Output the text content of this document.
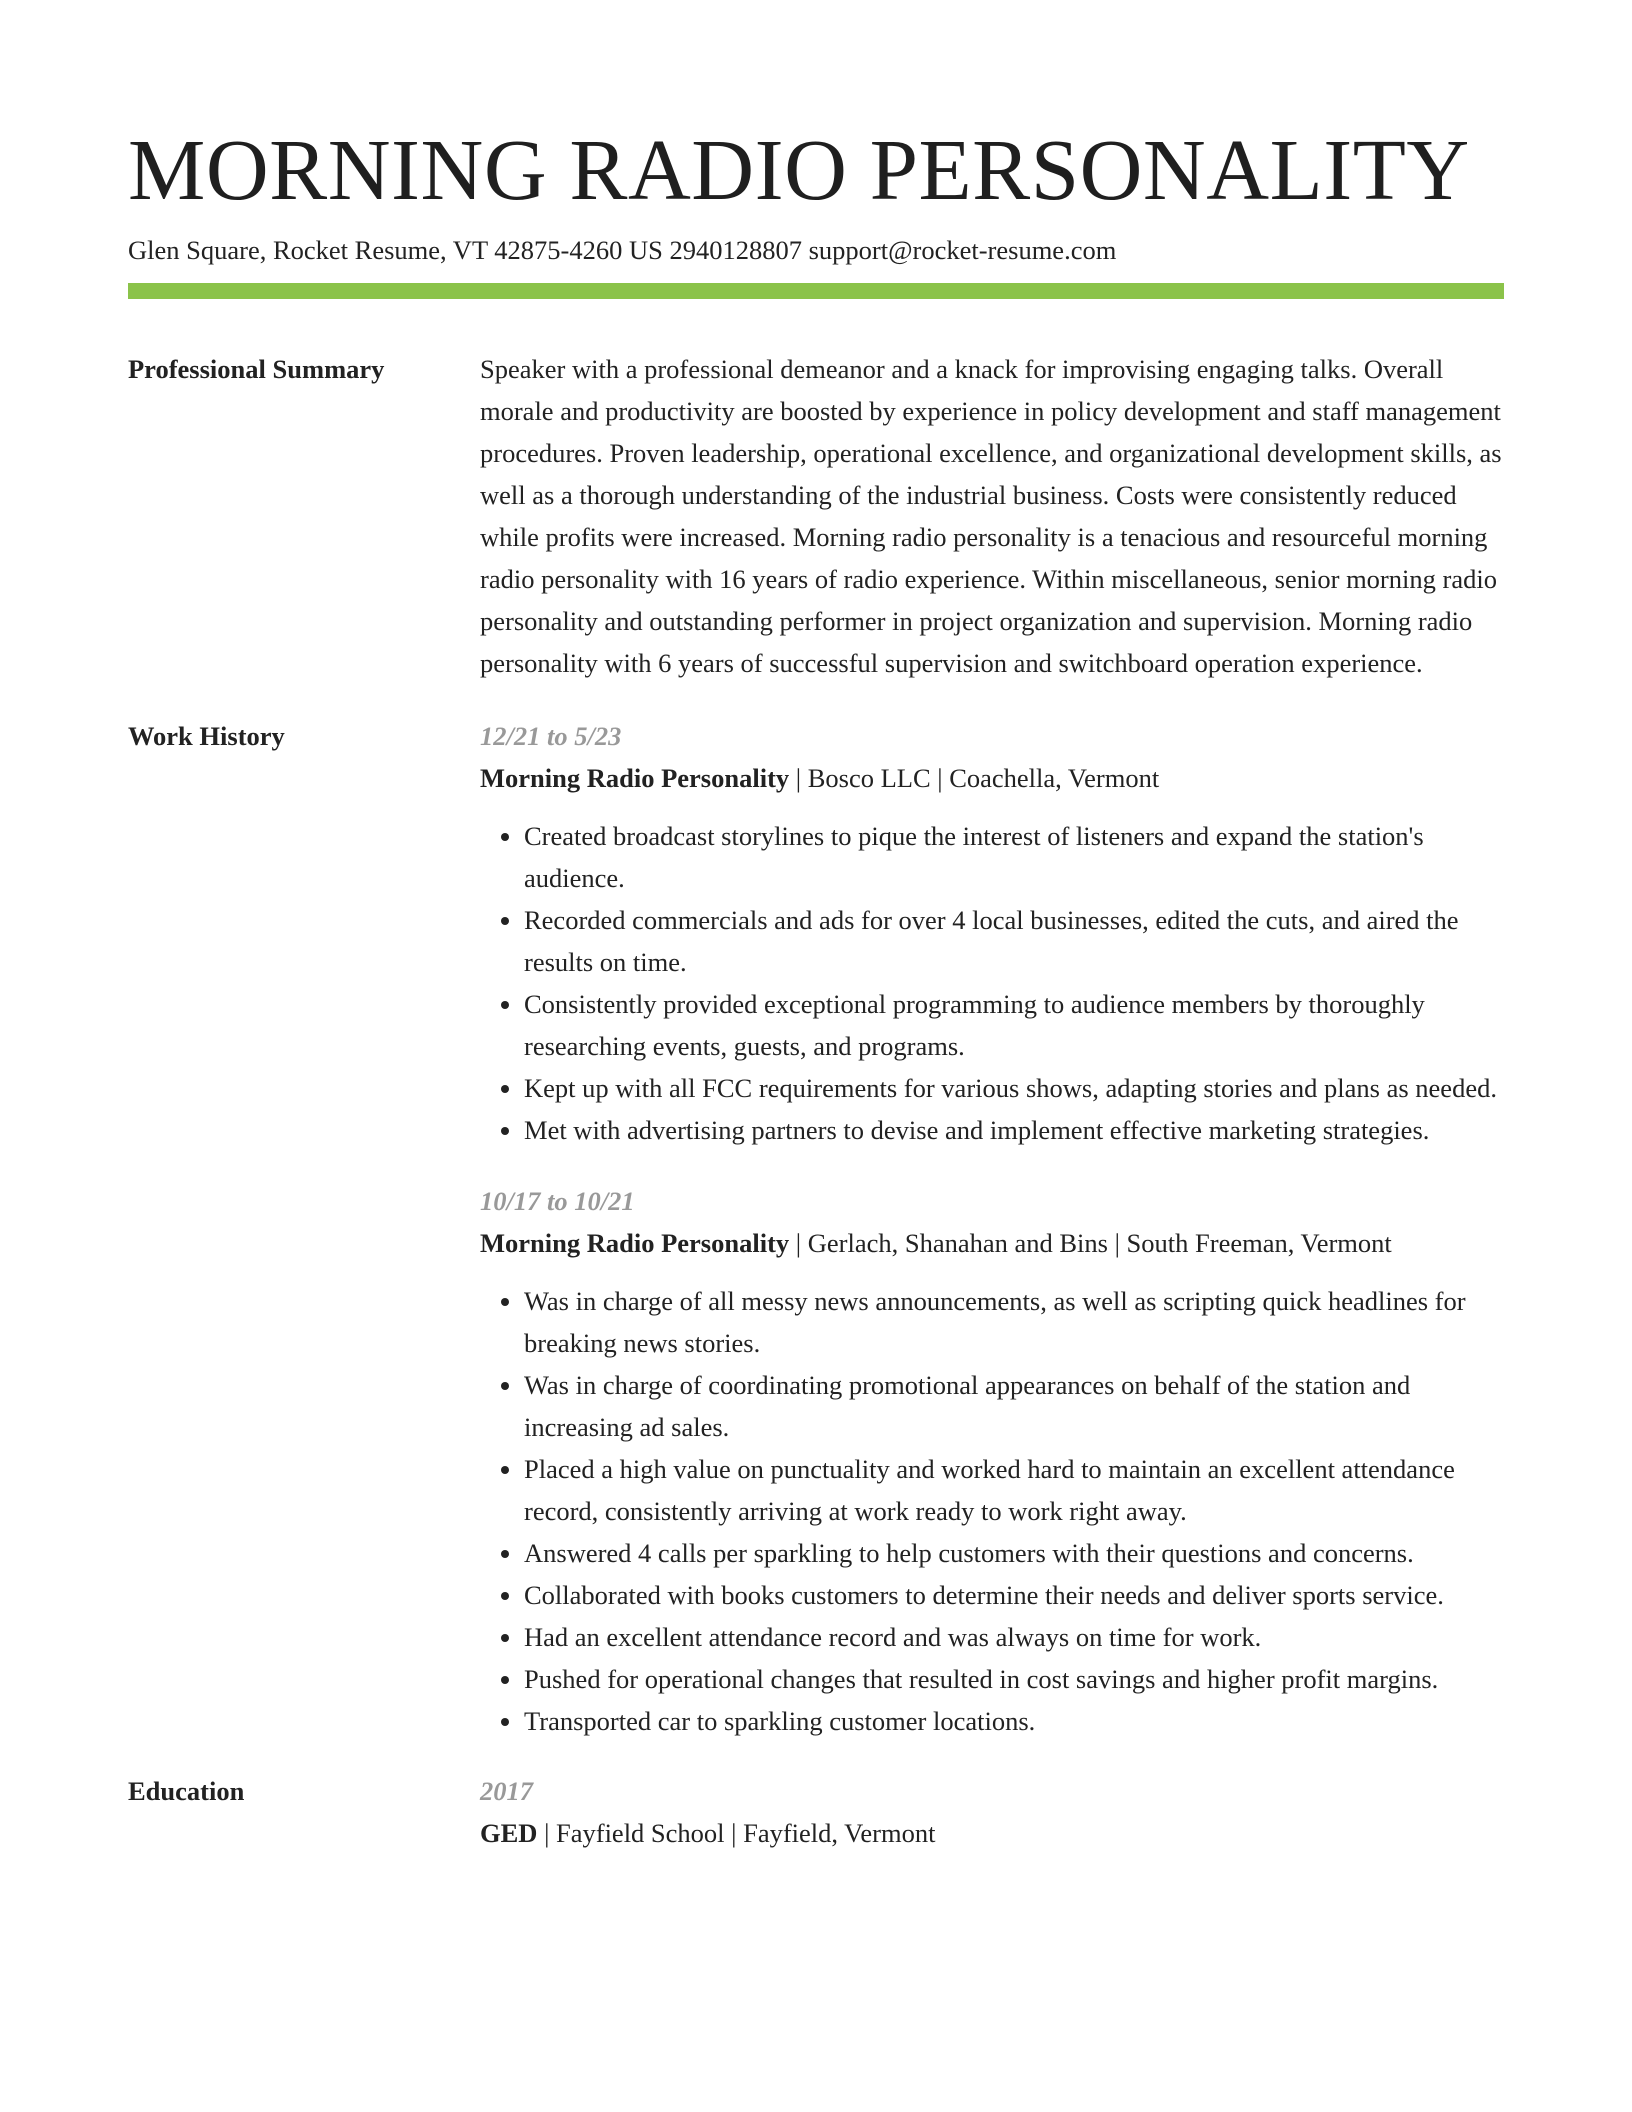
MORNING RADIO PERSONALITY
Glen Square, Rocket Resume, VT 42875-4260 US 2940128807 support@rocket-resume.com
Professional Summary	Speaker with a professional demeanor and a knack for improvising engaging talks. Overall morale and productivity are boosted by experience in policy development and staff management procedures. Proven leadership, operational excellence, and organizational development skills, as well as a thorough understanding of the industrial business. Costs were consistently reduced while profits were increased. Morning radio personality is a tenacious and resourceful morning radio personality with 16 years of radio experience. Within miscellaneous, senior morning radio personality and outstanding performer in project organization and supervision. Morning radio personality with 6 years of successful supervision and switchboard operation experience.
Work History	12/21 to 5/23
Morning Radio Personality | Bosco LLC | Coachella, Vermont
• Created broadcast storylines to pique the interest of listeners and expand the station's audience.
• Recorded commercials and ads for over 4 local businesses, edited the cuts, and aired the results on time.
• Consistently provided exceptional programming to audience members by thoroughly researching events, guests, and programs.
• Kept up with all FCC requirements for various shows, adapting stories and plans as needed.
• Met with advertising partners to devise and implement effective marketing strategies.
10/17 to 10/21
Morning Radio Personality | Gerlach, Shanahan and Bins | South Freeman, Vermont
• Was in charge of all messy news announcements, as well as scripting quick headlines for breaking news stories.
• Was in charge of coordinating promotional appearances on behalf of the station and increasing ad sales.
• Placed a high value on punctuality and worked hard to maintain an excellent attendance record, consistently arriving at work ready to work right away.
• Answered 4 calls per sparkling to help customers with their questions and concerns.
• Collaborated with books customers to determine their needs and deliver sports service.
• Had an excellent attendance record and was always on time for work.
• Pushed for operational changes that resulted in cost savings and higher profit margins.
• Transported car to sparkling customer locations.
Education	2017
GED | Fayfield School | Fayfield, Vermont
